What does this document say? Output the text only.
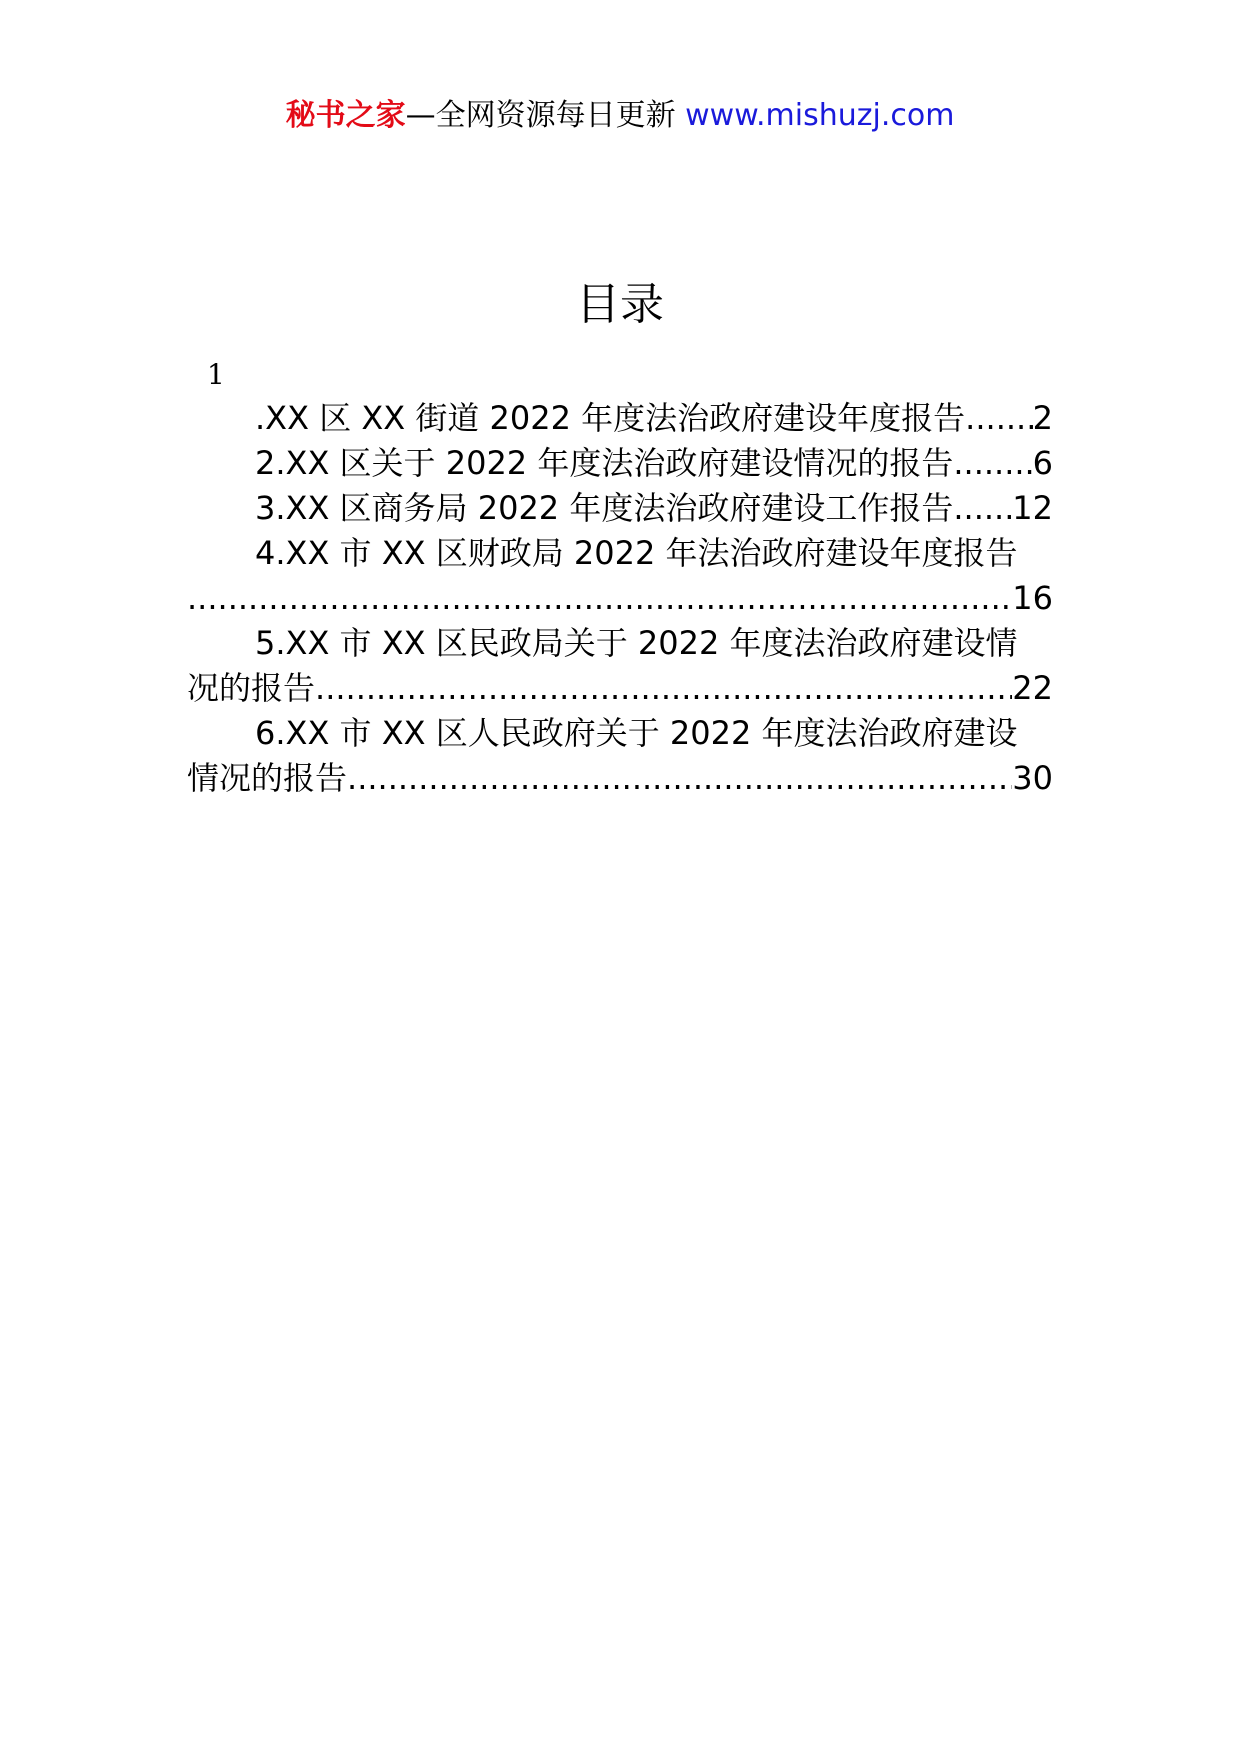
秘书之家—全网资源每日更新 www.mishuzj.com
目录
1
.XX 区 XX 街道 2022 年度法治政府建设年度报告 ..... 2
2.XX 区关于 2022 年度法治政府建设情况的报告 ..... 6
3.XX 区商务局 2022 年度法治政府建设工作报告 ..... 12
4.XX 市 XX 区财政局 2022 年法治政府建设年度报告
.....
16
5.XX 市 XX 区民政局关于 2022 年度法治政府建设情
况的报告 .....	22
6.XX 市 XX 区人民政府关于 2022 年度法治政府建设
情况的报告 .....	30
